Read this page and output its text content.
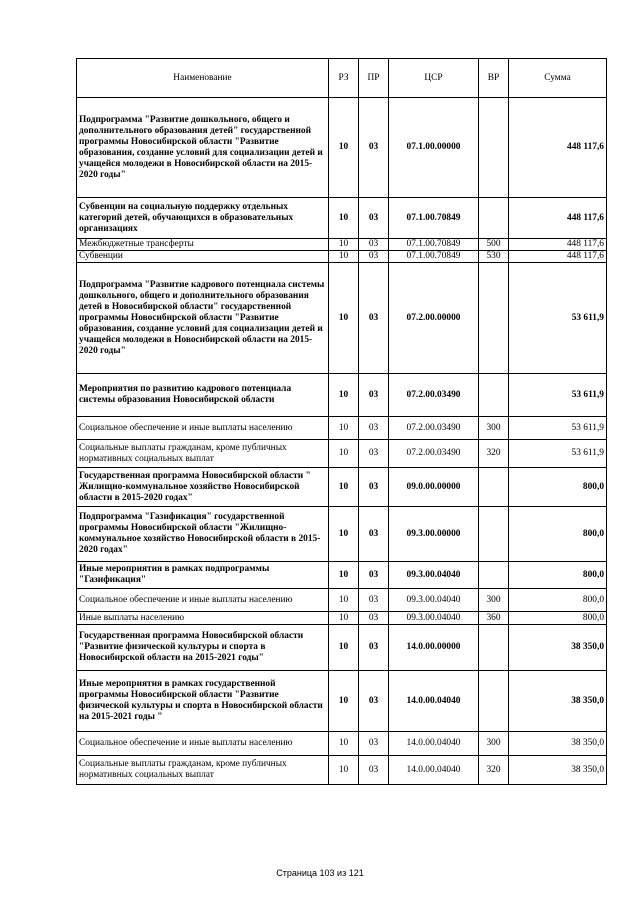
Наименование	РЗ	ПР	ЦСР	ВР	Сумма
Подпрограмма "Развитие дошкольного, общего и дополнительного образования детей" государственной программы Новосибирской области "Развитие образования, создание условий для социализации детей и учащейся молодежи в Новосибирской области на 2015-2020 годы"	10	03	07.1.00.00000		448 117,6
Субвенции на социальную поддержку отдельных категорий детей, обучающихся в образовательных организациях	10	03	07.1.00.70849		448 117,6
Межбюджетные трансферты	10	03	07.1.00.70849	500	448 117,6
Субвенции	10	03	07.1.00.70849	530	448 117,6
Подпрограмма "Развитие кадрового потенциала системы дошкольного, общего и дополнительного образования детей в Новосибирской области" государственной программы Новосибирской области "Развитие образования, создание условий для социализации детей и учащейся молодежи в Новосибирской области на 2015-2020 годы"	10	03	07.2.00.00000		53 611,9
Мероприятия по развитию кадрового потенциала системы образования Новосибирской области	10	03	07.2.00.03490		53 611,9
Социальное обеспечение и иные выплаты населению	10	03	07.2.00.03490	300	53 611,9
Социальные выплаты гражданам, кроме публичных нормативных социальных выплат	10	03	07.2.00.03490	320	53 611,9
Государственная программа Новосибирской области " Жилищно-коммунальное хозяйство Новосибирской области в 2015-2020 годах"	10	03	09.0.00.00000		800,0
Подпрограмма "Газификация" государственной программы Новосибирской области "Жилищно-коммунальное хозяйство Новосибирской области в 2015-2020 годах"	10	03	09.3.00.00000		800,0
Иные мероприятия в рамках подпрограммы "Газификация"	10	03	09.3.00.04040		800,0
Социальное обеспечение и иные выплаты населению	10	03	09.3.00.04040	300	800,0
Иные выплаты населению	10	03	09.3.00.04040	360	800,0
Государственная программа Новосибирской области "Развитие физической культуры и спорта в Новосибирской области на 2015-2021 годы"	10	03	14.0.00.00000		38 350,0
Иные мероприятия в рамках государственной программы Новосибирской области "Развитие физической культуры и спорта в Новосибирской области на 2015-2021 годы "	10	03	14.0.00.04040		38 350,0
Социальное обеспечение и иные выплаты населению	10	03	14.0.00.04040	300	38 350,0
Социальные выплаты гражданам, кроме публичных нормативных социальных выплат	10	03	14.0.00.04040	320	38 350,0
Страница 103 из 121
